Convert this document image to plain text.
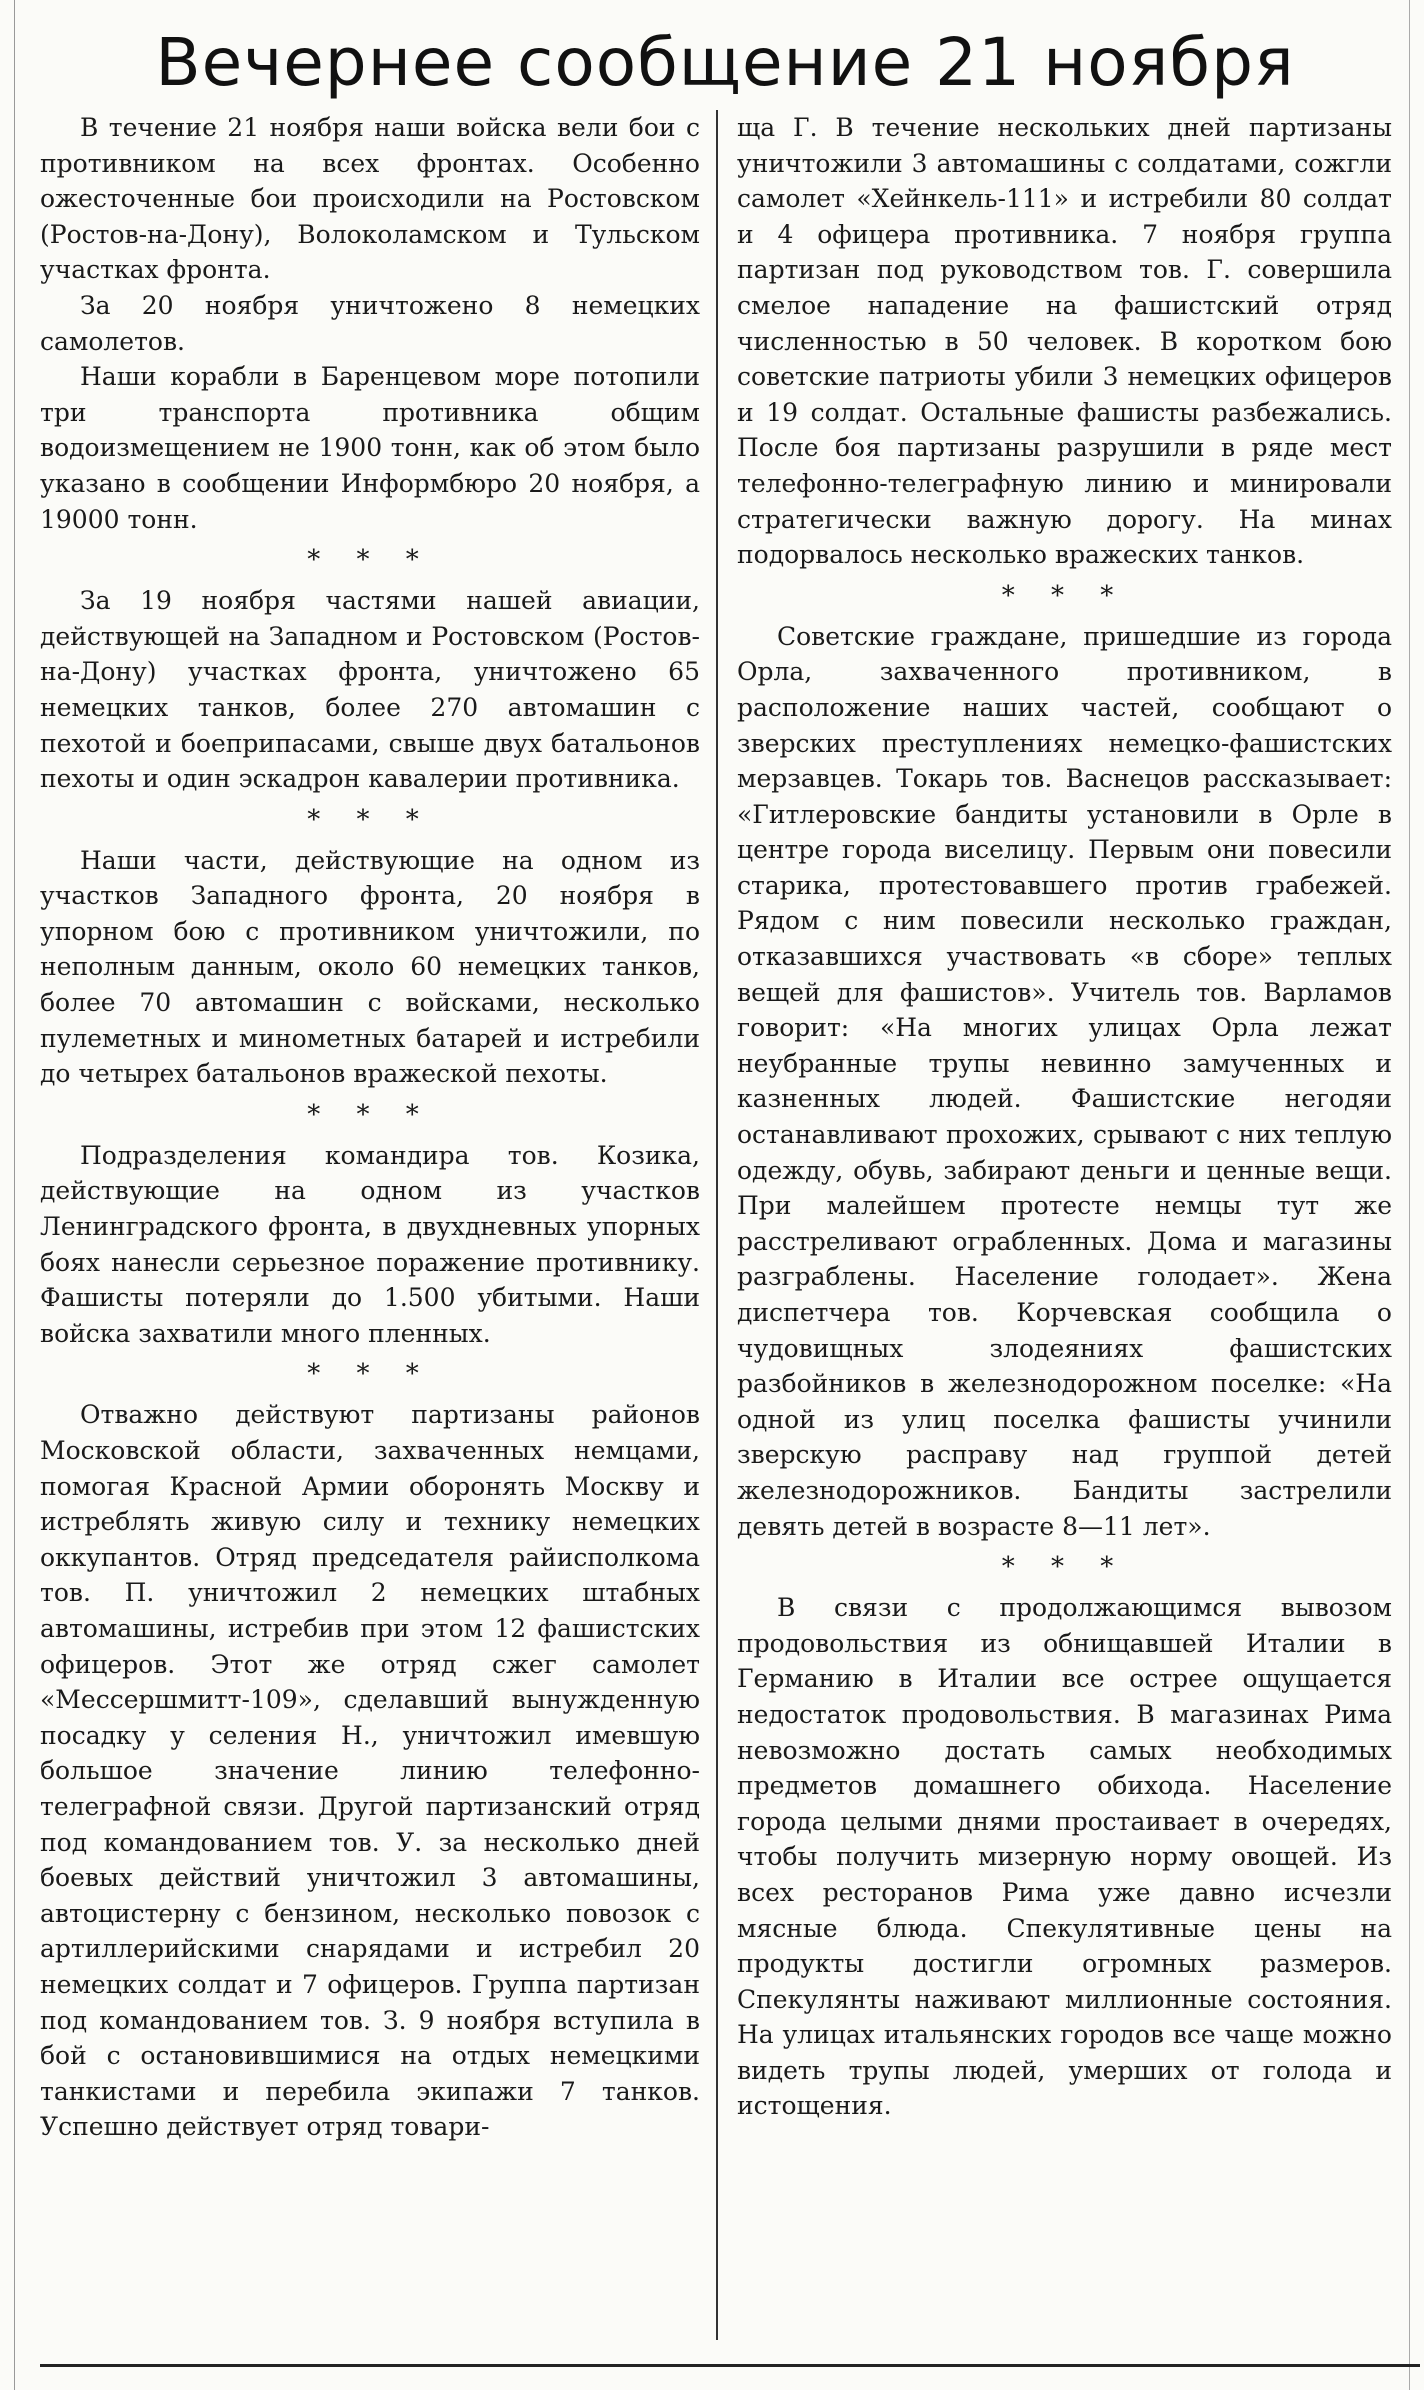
Вечернее сообщение 21 ноября

В течение 21 ноября наши войска вели бои с противником на всех фронтах. Особенно ожесточенные бои происходили на Ростовском (Ростов-на-Дону), Волоколамском и Тульском участках фронта.

За 20 ноября уничтожено 8 немецких самолетов.

Наши корабли в Баренцевом море потопили три транспорта противника общим водоизмещением не 1900 тонн, как об этом было указано в сообщении Информбюро 20 ноября, а 19000 тонн.

* * *

За 19 ноября частями нашей авиации, действующей на Западном и Ростовском (Ростов-на-Дону) участках фронта, уничтожено 65 немецких танков, более 270 автомашин с пехотой и боеприпасами, свыше двух батальонов пехоты и один эскадрон кавалерии противника.

* * *

Наши части, действующие на одном из участков Западного фронта, 20 ноября в упорном бою с противником уничтожили, по неполным данным, около 60 немецких танков, более 70 автомашин с войсками, несколько пулеметных и минометных батарей и истребили до четырех батальонов вражеской пехоты.

* * *

Подразделения командира тов. Козика, действующие на одном из участков Ленинградского фронта, в двухдневных упорных боях нанесли серьезное поражение противнику. Фашисты потеряли до 1.500 убитыми. Наши войска захватили много пленных.

* * *

Отважно действуют партизаны районов Московской области, захваченных немцами, помогая Красной Армии оборонять Москву и истреблять живую силу и технику немецких оккупантов. Отряд председателя райисполкома тов. П. уничтожил 2 немецких штабных автомашины, истребив при этом 12 фашистских офицеров. Этот же отряд сжег самолет «Мессершмитт-109», сделавший вынужденную посадку у селения Н., уничтожил имевшую большое значение линию телефонно-телеграфной связи. Другой партизанский отряд под командованием тов. У. за несколько дней боевых действий уничтожил 3 автомашины, автоцистерну с бензином, несколько повозок с артиллерийскими снарядами и истребил 20 немецких солдат и 7 офицеров. Группа партизан под командованием тов. З. 9 ноября вступила в бой с остановившимися на отдых немецкими танкистами и перебила экипажи 7 танков. Успешно действует отряд товари-

ща Г. В течение нескольких дней партизаны уничтожили 3 автомашины с солдатами, сожгли самолет «Хейнкель-111» и истребили 80 солдат и 4 офицера противника. 7 ноября группа партизан под руководством тов. Г. совершила смелое нападение на фашистский отряд численностью в 50 человек. В коротком бою советские патриоты убили 3 немецких офицеров и 19 солдат. Остальные фашисты разбежались. После боя партизаны разрушили в ряде мест телефонно-телеграфную линию и минировали стратегически важную дорогу. На минах подорвалось несколько вражеских танков.

* * *

Советские граждане, пришедшие из города Орла, захваченного противником, в расположение наших частей, сообщают о зверских преступлениях немецко-фашистских мерзавцев. Токарь тов. Васнецов рассказывает: «Гитлеровские бандиты установили в Орле в центре города виселицу. Первым они повесили старика, протестовавшего против грабежей. Рядом с ним повесили несколько граждан, отказавшихся участвовать «в сборе» теплых вещей для фашистов». Учитель тов. Варламов говорит: «На многих улицах Орла лежат неубранные трупы невинно замученных и казненных людей. Фашистские негодяи останавливают прохожих, срывают с них теплую одежду, обувь, забирают деньги и ценные вещи. При малейшем протесте немцы тут же расстреливают ограбленных. Дома и магазины разграблены. Население голодает». Жена диспетчера тов. Корчевская сообщила о чудовищных злодеяниях фашистских разбойников в железнодорожном поселке: «На одной из улиц поселка фашисты учинили зверскую расправу над группой детей железнодорожников. Бандиты застрелили девять детей в возрасте 8—11 лет».

* * *

В связи с продолжающимся вывозом продовольствия из обнищавшей Италии в Германию в Италии все острее ощущается недостаток продовольствия. В магазинах Рима невозможно достать самых необходимых предметов домашнего обихода. Население города целыми днями простаивает в очередях, чтобы получить мизерную норму овощей. Из всех ресторанов Рима уже давно исчезли мясные блюда. Спекулятивные цены на продукты достигли огромных размеров. Спекулянты наживают миллионные состояния. На улицах итальянских городов все чаще можно видеть трупы людей, умерших от голода и истощения.
